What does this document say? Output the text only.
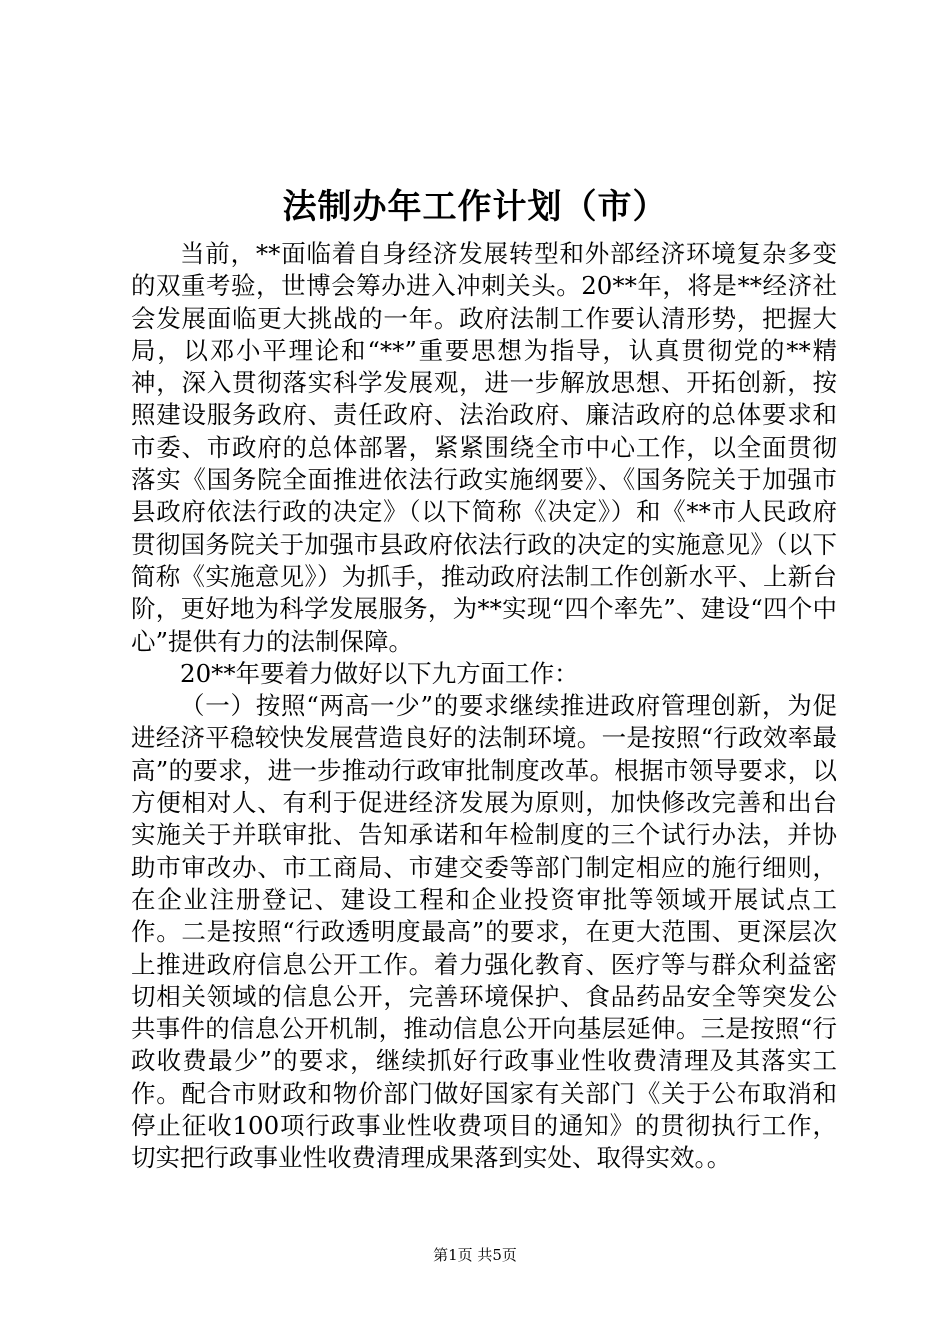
法制办年工作计划（市）

当前，**面临着自身经济发展转型和外部经济环境复杂多变的双重考验，世博会筹办进入冲刺关头。20**年，将是**经济社会发展面临更大挑战的一年。政府法制工作要认清形势，把握大局，以邓小平理论和“**”重要思想为指导，认真贯彻党的**精神，深入贯彻落实科学发展观，进一步解放思想、开拓创新，按照建设服务政府、责任政府、法治政府、廉洁政府的总体要求和市委、市政府的总体部署，紧紧围绕全市中心工作，以全面贯彻落实《国务院全面推进依法行政实施纲要》、《国务院关于加强市县政府依法行政的决定》（以下简称《决定》）和《**市人民政府贯彻国务院关于加强市县政府依法行政的决定的实施意见》（以下简称《实施意见》）为抓手，推动政府法制工作创新水平、上新台阶，更好地为科学发展服务，为**实现“四个率先”、建设“四个中心”提供有力的法制保障。

20**年要着力做好以下九方面工作：

（一）按照“两高一少”的要求继续推进政府管理创新，为促进经济平稳较快发展营造良好的法制环境。一是按照“行政效率最高”的要求，进一步推动行政审批制度改革。根据市领导要求，以方便相对人、有利于促进经济发展为原则，加快修改完善和出台实施关于并联审批、告知承诺和年检制度的三个试行办法，并协助市审改办、市工商局、市建交委等部门制定相应的施行细则，在企业注册登记、建设工程和企业投资审批等领域开展试点工作。二是按照“行政透明度最高”的要求，在更大范围、更深层次上推进政府信息公开工作。着力强化教育、医疗等与群众利益密切相关领域的信息公开，完善环境保护、食品药品安全等突发公共事件的信息公开机制，推动信息公开向基层延伸。三是按照“行政收费最少”的要求，继续抓好行政事业性收费清理及其落实工作。配合市财政和物价部门做好国家有关部门《关于公布取消和停止征收100项行政事业性收费项目的通知》的贯彻执行工作，切实把行政事业性收费清理成果落到实处、取得实效。。

第1页 共5页
